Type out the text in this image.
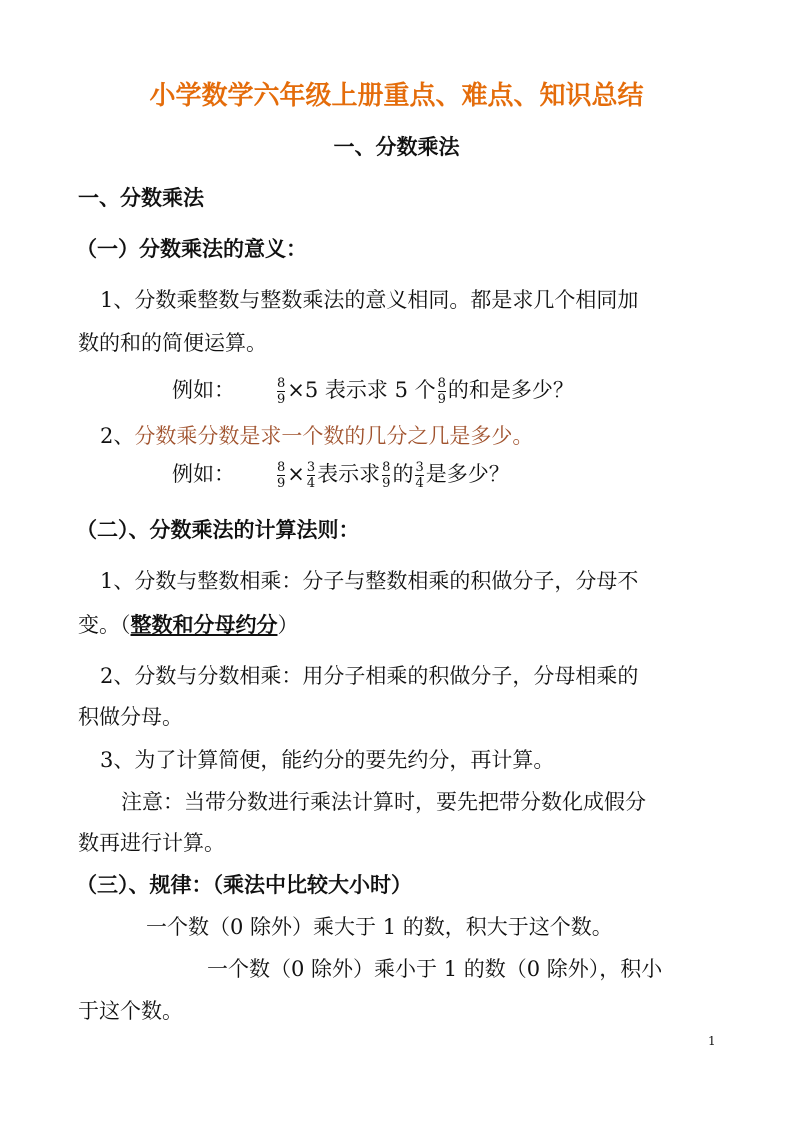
小学数学六年级上册重点、难点、知识总结
一、分数乘法
一、分数乘法
（一）分数乘法的意义：
1、分数乘整数与整数乘法的意义相同。都是求几个相同加
数的和的简便运算。
例如：	$\frac{8}{9} \times 5$ 表示求 5 个 $\frac{8}{9}$ 的和是多少？
2、分数乘分数是求一个数的几分之几是多少。
例如：	$\frac{8}{9} \times \frac{3}{4}$ 表示求 $\frac{8}{9}$ 的 $\frac{3}{4}$ 是多少？
（二）、分数乘法的计算法则：
1、分数与整数相乘：分子与整数相乘的积做分子，分母不
变。（整数和分母约分）
2、分数与分数相乘：用分子相乘的积做分子，分母相乘的
积做分母。
3、为了计算简便，能约分的要先约分，再计算。
注意：当带分数进行乘法计算时，要先把带分数化成假分
数再进行计算。
（三）、规律：（乘法中比较大小时）
一个数（0 除外）乘大于 1 的数，积大于这个数。
一个数（0 除外）乘小于 1 的数（0 除外），积小
于这个数。
1
